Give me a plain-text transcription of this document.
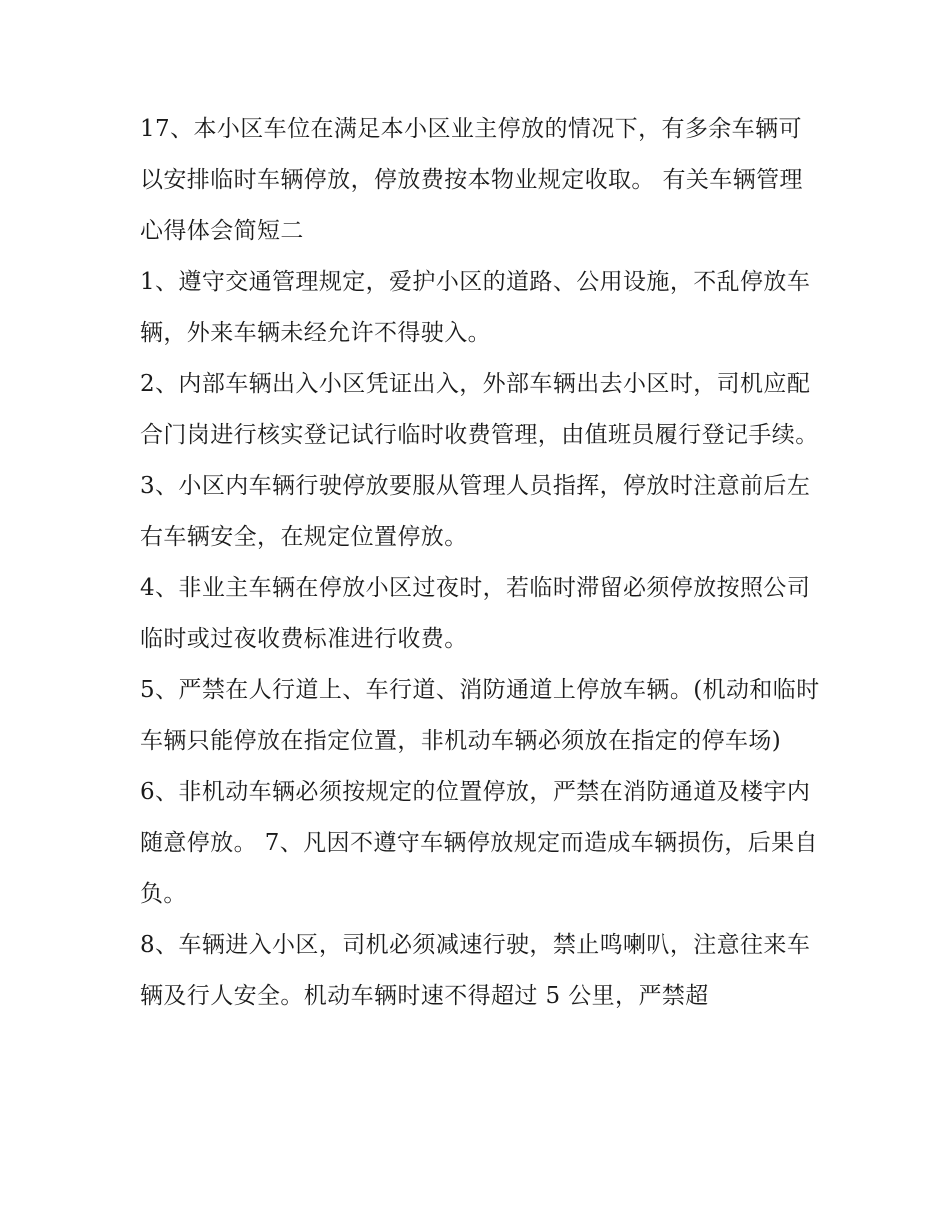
17、本小区车位在满足本小区业主停放的情况下，有多余车辆可以安排临时车辆停放，停放费按本物业规定收取。 有关车辆管理心得体会简短二

1、遵守交通管理规定，爱护小区的道路、公用设施，不乱停放车辆，外来车辆未经允许不得驶入。

2、内部车辆出入小区凭证出入，外部车辆出去小区时，司机应配合门岗进行核实登记试行临时收费管理，由值班员履行登记手续。

3、小区内车辆行驶停放要服从管理人员指挥，停放时注意前后左右车辆安全，在规定位置停放。

4、非业主车辆在停放小区过夜时，若临时滞留必须停放按照公司临时或过夜收费标准进行收费。

5、严禁在人行道上、车行道、消防通道上停放车辆。(机动和临时车辆只能停放在指定位置，非机动车辆必须放在指定的停车场)

6、非机动车辆必须按规定的位置停放，严禁在消防通道及楼宇内随意停放。 7、凡因不遵守车辆停放规定而造成车辆损伤，后果自负。

8、车辆进入小区，司机必须减速行驶，禁止鸣喇叭，注意往来车辆及行人安全。机动车辆时速不得超过 5 公里，严禁超
